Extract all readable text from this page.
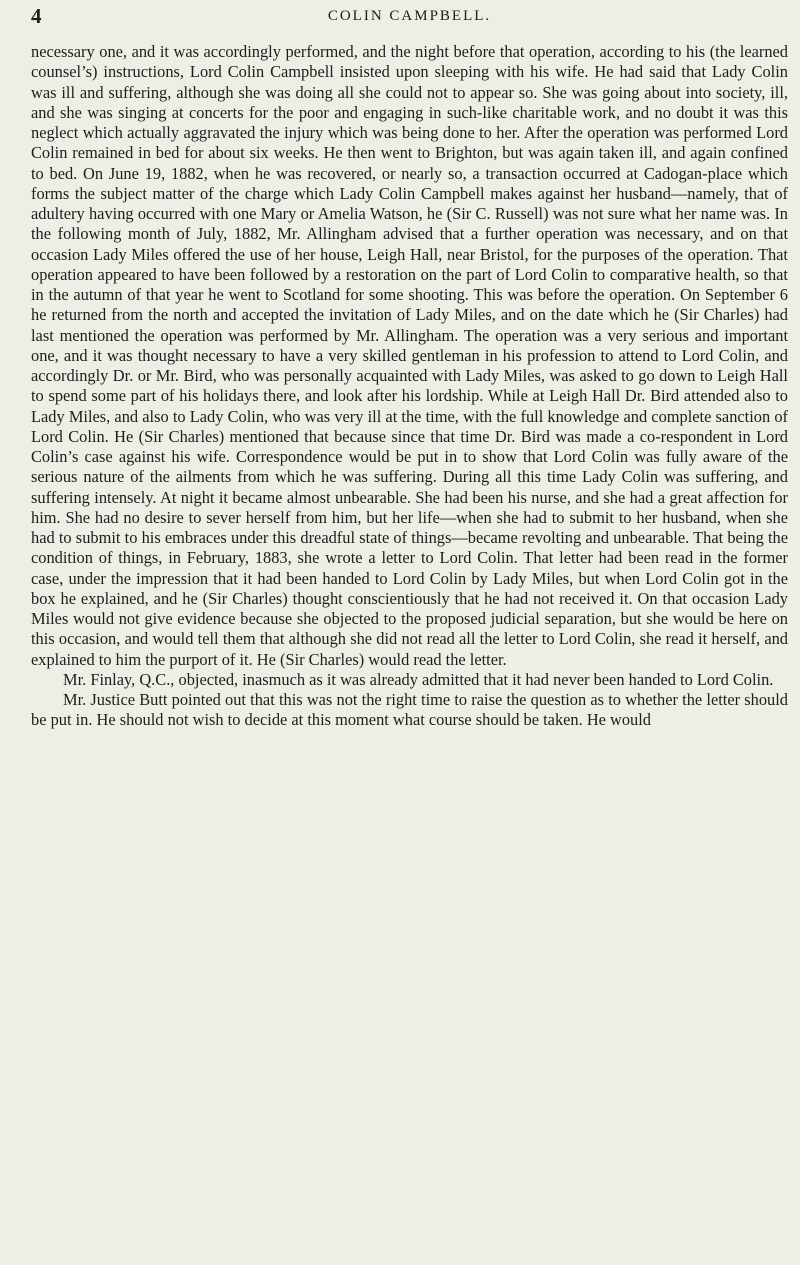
4	COLIN CAMPBELL.

necessary one, and it was accordingly performed, and the night before that operation, according to his (the learned counsel’s) instructions, Lord Colin Campbell insisted upon sleeping with his wife. He had said that Lady Colin was ill and suffering, although she was doing all she could not to appear so. She was going about into society, ill, and she was singing at concerts for the poor and engaging in such-like charitable work, and no doubt it was this neglect which actually aggravated the injury which was being done to her. After the operation was performed Lord Colin remained in bed for about six weeks. He then went to Brighton, but was again taken ill, and again confined to bed. On June 19, 1882, when he was recovered, or nearly so, a transaction occurred at Cadogan-place which forms the subject matter of the charge which Lady Colin Campbell makes against her husband—namely, that of adultery having occurred with one Mary or Amelia Watson, he (Sir C. Russell) was not sure what her name was. In the following month of July, 1882, Mr. Allingham advised that a further operation was necessary, and on that occasion Lady Miles offered the use of her house, Leigh Hall, near Bristol, for the purposes of the operation. That operation appeared to have been followed by a restoration on the part of Lord Colin to comparative health, so that in the autumn of that year he went to Scotland for some shooting. This was before the operation. On September 6 he returned from the north and accepted the invitation of Lady Miles, and on the date which he (Sir Charles) had last mentioned the operation was performed by Mr. Allingham. The operation was a very serious and important one, and it was thought necessary to have a very skilled gentleman in his profession to attend to Lord Colin, and accordingly Dr. or Mr. Bird, who was personally acquainted with Lady Miles, was asked to go down to Leigh Hall to spend some part of his holidays there, and look after his lordship. While at Leigh Hall Dr. Bird attended also to Lady Miles, and also to Lady Colin, who was very ill at the time, with the full knowledge and complete sanction of Lord Colin. He (Sir Charles) mentioned that because since that time Dr. Bird was made a co-respondent in Lord Colin’s case against his wife. Correspondence would be put in to show that Lord Colin was fully aware of the serious nature of the ailments from which he was suffering. During all this time Lady Colin was suffering, and suffering intensely. At night it became almost unbearable. She had been his nurse, and she had a great affection for him. She had no desire to sever herself from him, but her life—when she had to submit to her husband, when she had to submit to his embraces under this dreadful state of things—became revolting and unbearable. That being the condition of things, in February, 1883, she wrote a letter to Lord Colin. That letter had been read in the former case, under the impression that it had been handed to Lord Colin by Lady Miles, but when Lord Colin got in the box he explained, and he (Sir Charles) thought conscientiously that he had not received it. On that occasion Lady Miles would not give evidence because she objected to the proposed judicial separation, but she would be here on this occasion, and would tell them that although she did not read all the letter to Lord Colin, she read it herself, and explained to him the purport of it. He (Sir Charles) would read the letter.

Mr. Finlay, Q.C., objected, inasmuch as it was already admitted that it had never been handed to Lord Colin.

Mr. Justice Butt pointed out that this was not the right time to raise the question as to whether the letter should be put in. He should not wish to decide at this moment what course should be taken. He would
